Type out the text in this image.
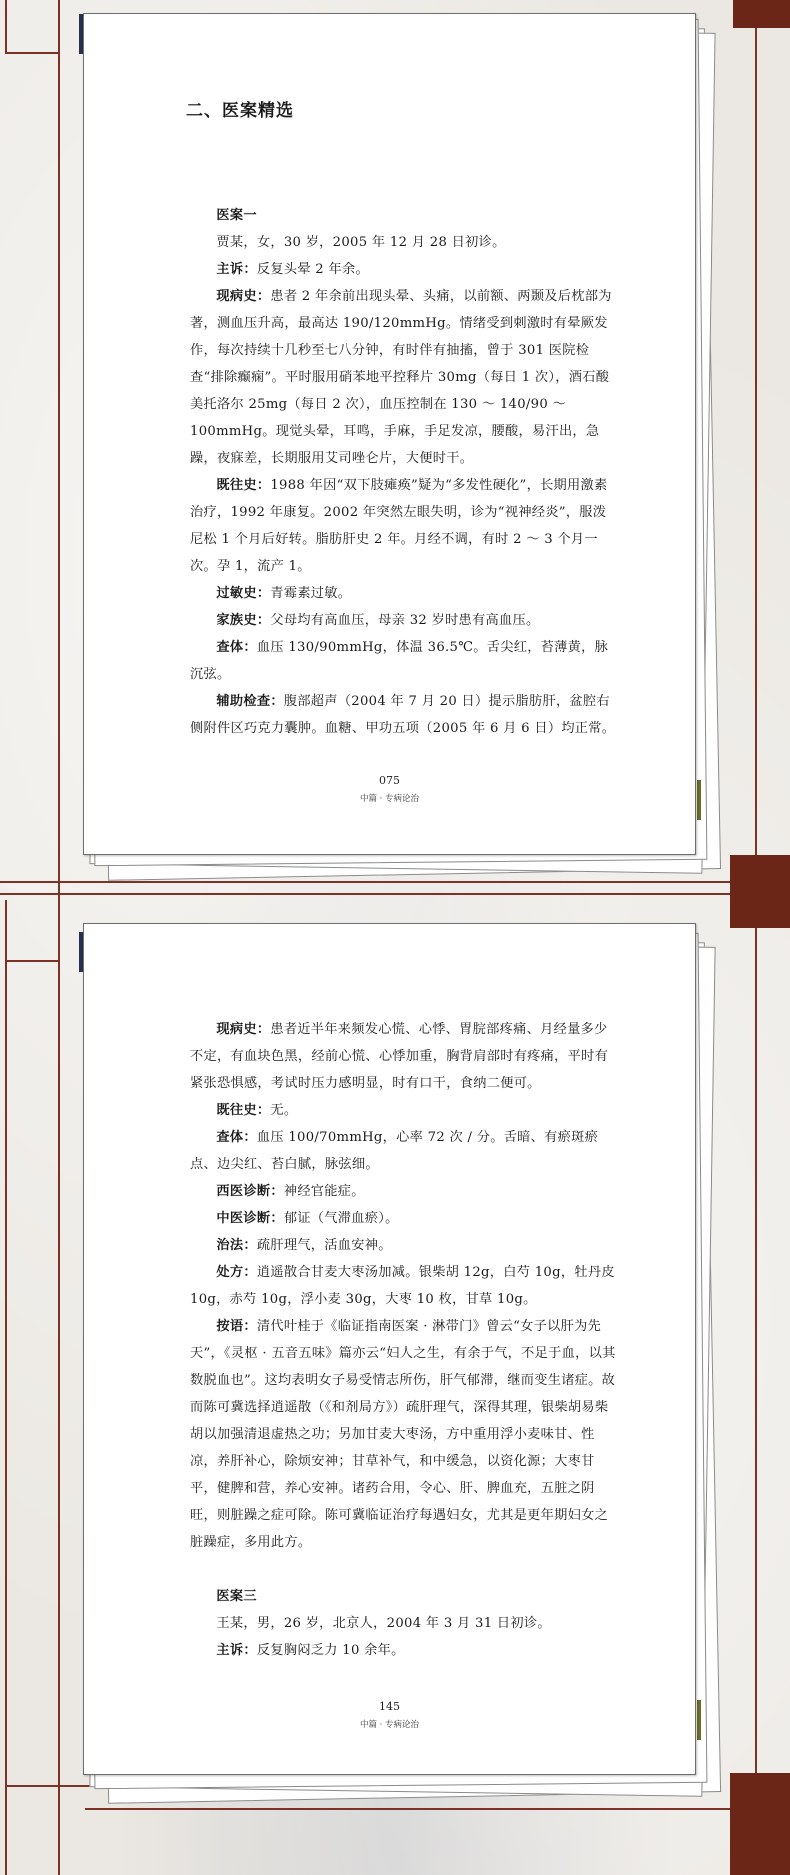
二、医案精选

医案一

贾某，女，30 岁，2005 年 12 月 28 日初诊。

主诉：反复头晕 2 年余。

现病史：患者 2 年余前出现头晕、头痛，以前额、两颞及后枕部为著，测血压升高，最高达 190/120mmHg。情绪受到刺激时有晕厥发作，每次持续十几秒至七八分钟，有时伴有抽搐，曾于 301 医院检查“排除癫痫”。平时服用硝苯地平控释片 30mg（每日 1 次），酒石酸美托洛尔 25mg（每日 2 次），血压控制在 130 ～ 140/90 ～ 100mmHg。现觉头晕，耳鸣，手麻，手足发凉，腰酸，易汗出，急躁，夜寐差，长期服用艾司唑仑片，大便时干。

既往史：1988 年因“双下肢瘫痪”疑为“多发性硬化”，长期用激素治疗，1992 年康复。2002 年突然左眼失明，诊为“视神经炎”，服泼尼松 1 个月后好转。脂肪肝史 2 年。月经不调，有时 2 ～ 3 个月一次。孕 1，流产 1。

过敏史：青霉素过敏。

家族史：父母均有高血压，母亲 32 岁时患有高血压。

查体：血压 130/90mmHg，体温 36.5℃。舌尖红，苔薄黄，脉沉弦。

辅助检查：腹部超声（2004 年 7 月 20 日）提示脂肪肝，盆腔右侧附件区巧克力囊肿。血糖、甲功五项（2005 年 6 月 6 日）均正常。

075
中篇 · 专病论治

现病史：患者近半年来频发心慌、心悸、胃脘部疼痛、月经量多少不定，有血块色黑，经前心慌、心悸加重，胸背肩部时有疼痛，平时有紧张恐惧感，考试时压力感明显，时有口干，食纳二便可。

既往史：无。

查体：血压 100/70mmHg，心率 72 次 / 分。舌暗、有瘀斑瘀点、边尖红、苔白腻，脉弦细。

西医诊断：神经官能症。

中医诊断：郁证（气滞血瘀）。

治法：疏肝理气，活血安神。

处方：逍遥散合甘麦大枣汤加减。银柴胡 12g，白芍 10g，牡丹皮 10g，赤芍 10g，浮小麦 30g，大枣 10 枚，甘草 10g。

按语：清代叶桂于《临证指南医案 · 淋带门》曾云“女子以肝为先天”，《灵枢 · 五音五味》篇亦云“妇人之生，有余于气，不足于血，以其数脱血也”。这均表明女子易受情志所伤，肝气郁滞，继而变生诸症。故而陈可冀选择逍遥散（《和剂局方》）疏肝理气，深得其理，银柴胡易柴胡以加强清退虚热之功；另加甘麦大枣汤，方中重用浮小麦味甘、性凉，养肝补心，除烦安神；甘草补气，和中缓急，以资化源；大枣甘平，健脾和营，养心安神。诸药合用，令心、肝、脾血充，五脏之阴旺，则脏躁之症可除。陈可冀临证治疗每遇妇女，尤其是更年期妇女之脏躁症，多用此方。

医案三

王某，男，26 岁，北京人，2004 年 3 月 31 日初诊。

主诉：反复胸闷乏力 10 余年。

145
中篇 · 专病论治
